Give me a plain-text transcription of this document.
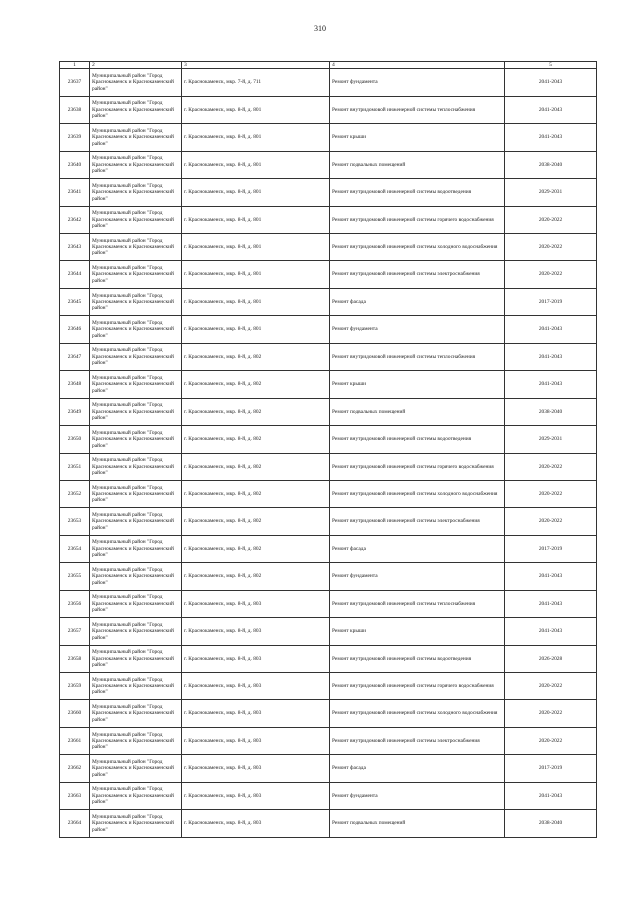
310
1	2	3	4	5
23637	Муниципальный район "Город Краснокаменск и Краснокаменский район"	г. Краснокаменск, мкр. 7-й, д. 711	Ремонт фундамента	2041-2043
23638	Муниципальный район "Город Краснокаменск и Краснокаменский район"	г. Краснокаменск, мкр. 8-й, д. 801	Ремонт внутридомовой инженерной системы теплоснабжения	2041-2043
23639	Муниципальный район "Город Краснокаменск и Краснокаменский район"	г. Краснокаменск, мкр. 8-й, д. 801	Ремонт крыши	2041-2043
23640	Муниципальный район "Город Краснокаменск и Краснокаменский район"	г. Краснокаменск, мкр. 8-й, д. 801	Ремонт подвальных помещений	2038-2040
23641	Муниципальный район "Город Краснокаменск и Краснокаменский район"	г. Краснокаменск, мкр. 8-й, д. 801	Ремонт внутридомовой инженерной системы водоотведения	2029-2031
23642	Муниципальный район "Город Краснокаменск и Краснокаменский район"	г. Краснокаменск, мкр. 8-й, д. 801	Ремонт внутридомовой инженерной системы горячего водоснабжения	2020-2022
23643	Муниципальный район "Город Краснокаменск и Краснокаменский район"	г. Краснокаменск, мкр. 8-й, д. 801	Ремонт внутридомовой инженерной системы холодного водоснабжения	2020-2022
23644	Муниципальный район "Город Краснокаменск и Краснокаменский район"	г. Краснокаменск, мкр. 8-й, д. 801	Ремонт внутридомовой инженерной системы электроснабжения	2020-2022
23645	Муниципальный район "Город Краснокаменск и Краснокаменский район"	г. Краснокаменск, мкр. 8-й, д. 801	Ремонт фасада	2017-2019
23646	Муниципальный район "Город Краснокаменск и Краснокаменский район"	г. Краснокаменск, мкр. 8-й, д. 801	Ремонт фундамента	2041-2043
23647	Муниципальный район "Город Краснокаменск и Краснокаменский район"	г. Краснокаменск, мкр. 8-й, д. 802	Ремонт внутридомовой инженерной системы теплоснабжения	2041-2043
23648	Муниципальный район "Город Краснокаменск и Краснокаменский район"	г. Краснокаменск, мкр. 8-й, д. 802	Ремонт крыши	2041-2043
23649	Муниципальный район "Город Краснокаменск и Краснокаменский район"	г. Краснокаменск, мкр. 8-й, д. 802	Ремонт подвальных помещений	2038-2040
23650	Муниципальный район "Город Краснокаменск и Краснокаменский район"	г. Краснокаменск, мкр. 8-й, д. 802	Ремонт внутридомовой инженерной системы водоотведения	2029-2031
23651	Муниципальный район "Город Краснокаменск и Краснокаменский район"	г. Краснокаменск, мкр. 8-й, д. 802	Ремонт внутридомовой инженерной системы горячего водоснабжения	2020-2022
23652	Муниципальный район "Город Краснокаменск и Краснокаменский район"	г. Краснокаменск, мкр. 8-й, д. 802	Ремонт внутридомовой инженерной системы холодного водоснабжения	2020-2022
23653	Муниципальный район "Город Краснокаменск и Краснокаменский район"	г. Краснокаменск, мкр. 8-й, д. 802	Ремонт внутридомовой инженерной системы электроснабжения	2020-2022
23654	Муниципальный район "Город Краснокаменск и Краснокаменский район"	г. Краснокаменск, мкр. 8-й, д. 802	Ремонт фасада	2017-2019
23655	Муниципальный район "Город Краснокаменск и Краснокаменский район"	г. Краснокаменск, мкр. 8-й, д. 802	Ремонт фундамента	2041-2043
23656	Муниципальный район "Город Краснокаменск и Краснокаменский район"	г. Краснокаменск, мкр. 8-й, д. 803	Ремонт внутридомовой инженерной системы теплоснабжения	2041-2043
23657	Муниципальный район "Город Краснокаменск и Краснокаменский район"	г. Краснокаменск, мкр. 8-й, д. 803	Ремонт крыши	2041-2043
23658	Муниципальный район "Город Краснокаменск и Краснокаменский район"	г. Краснокаменск, мкр. 8-й, д. 803	Ремонт внутридомовой инженерной системы водоотведения	2026-2028
23659	Муниципальный район "Город Краснокаменск и Краснокаменский район"	г. Краснокаменск, мкр. 8-й, д. 803	Ремонт внутридомовой инженерной системы горячего водоснабжения	2020-2022
23660	Муниципальный район "Город Краснокаменск и Краснокаменский район"	г. Краснокаменск, мкр. 8-й, д. 803	Ремонт внутридомовой инженерной системы холодного водоснабжения	2020-2022
23661	Муниципальный район "Город Краснокаменск и Краснокаменский район"	г. Краснокаменск, мкр. 8-й, д. 803	Ремонт внутридомовой инженерной системы электроснабжения	2020-2022
23662	Муниципальный район "Город Краснокаменск и Краснокаменский район"	г. Краснокаменск, мкр. 8-й, д. 803	Ремонт фасада	2017-2019
23663	Муниципальный район "Город Краснокаменск и Краснокаменский район"	г. Краснокаменск, мкр. 8-й, д. 803	Ремонт фундамента	2041-2043
23664	Муниципальный район "Город Краснокаменск и Краснокаменский район"	г. Краснокаменск, мкр. 8-й, д. 803	Ремонт подвальных помещений	2038-2040
